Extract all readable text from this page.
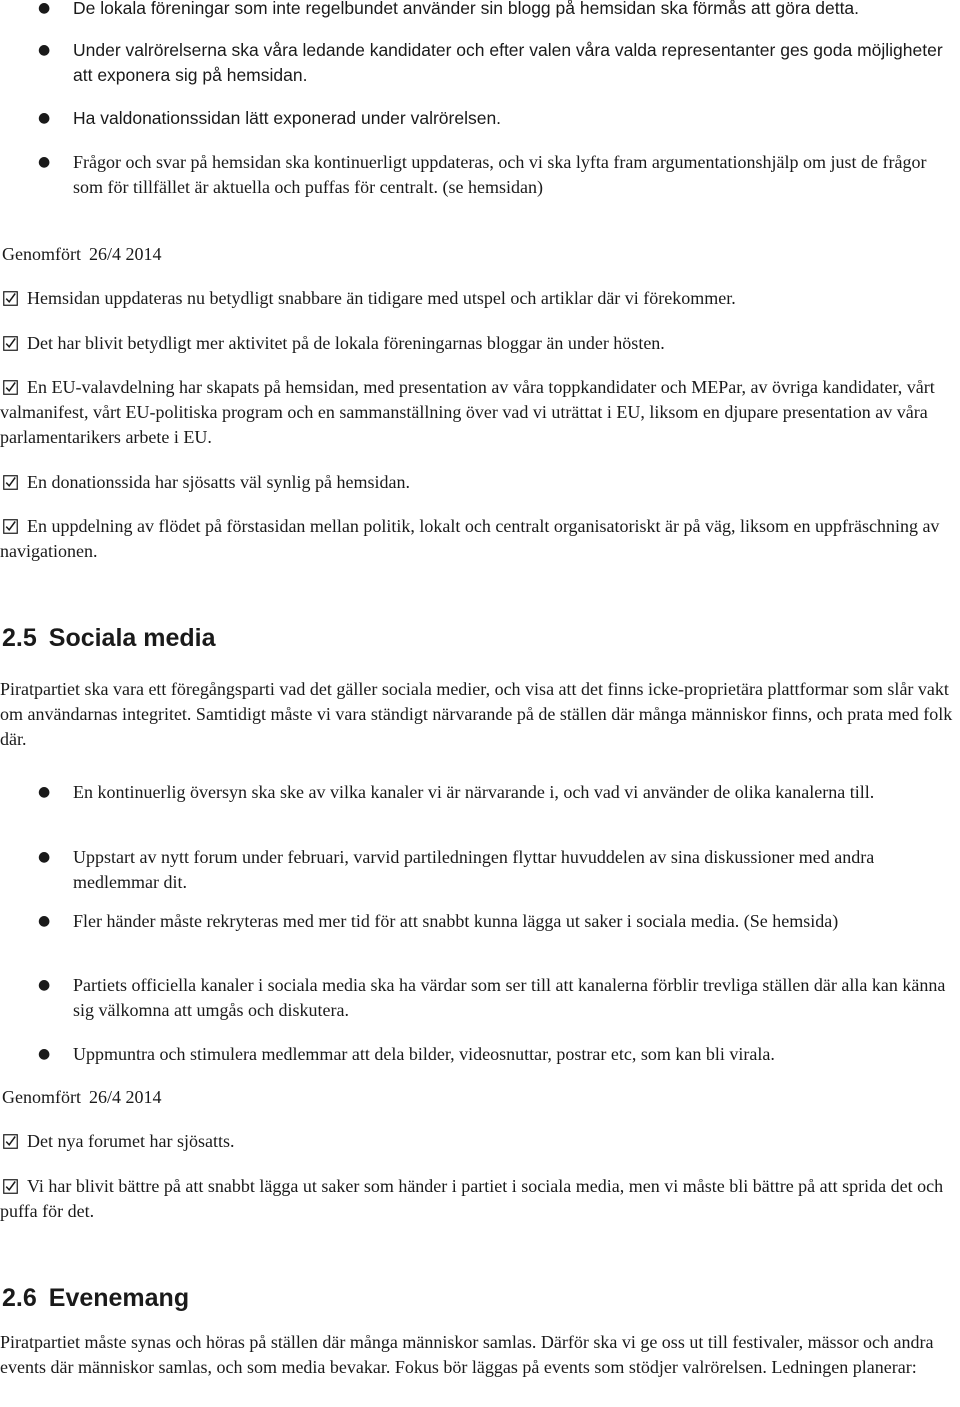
● De lokala föreningar som inte regelbundet använder sin blogg på hemsidan ska förmås att göra detta.
● Under valrörelserna ska våra ledande kandidater och efter valen våra valda representanter ges goda möjligheter att exponera sig på hemsidan.
● Ha valdonationssidan lätt exponerad under valrörelsen.
● Frågor och svar på hemsidan ska kontinuerligt uppdateras, och vi ska lyfta fram argumentationshjälp om just de frågor som för tillfället är aktuella och puffas för centralt. (se hemsidan)
Genomfört 26/4 2014
Hemsidan uppdateras nu betydligt snabbare än tidigare med utspel och artiklar där vi förekommer.
Det har blivit betydligt mer aktivitet på de lokala föreningarnas bloggar än under hösten.
En EU-valavdelning har skapats på hemsidan, med presentation av våra toppkandidater och MEPar, av övriga kandidater, vårt valmanifest, vårt EU-politiska program och en sammanställning över vad vi uträttat i EU, liksom en djupare presentation av våra parlamentarikers arbete i EU.
En donationssida har sjösatts väl synlig på hemsidan.
En uppdelning av flödet på förstasidan mellan politik, lokalt och centralt organisatoriskt är på väg, liksom en uppfräschning av navigationen.
2.5 Sociala media
Piratpartiet ska vara ett föregångsparti vad det gäller sociala medier, och visa att det finns icke-proprietära plattformar som slår vakt om användarnas integritet. Samtidigt måste vi vara ständigt närvarande på de ställen där många människor finns, och prata med folk där.
● En kontinuerlig översyn ska ske av vilka kanaler vi är närvarande i, och vad vi använder de olika kanalerna till.
● Uppstart av nytt forum under februari, varvid partiledningen flyttar huvuddelen av sina diskussioner med andra medlemmar dit.
● Fler händer måste rekryteras med mer tid för att snabbt kunna lägga ut saker i sociala media. (Se hemsida)
● Partiets officiella kanaler i sociala media ska ha värdar som ser till att kanalerna förblir trevliga ställen där alla kan känna sig välkomna att umgås och diskutera.
● Uppmuntra och stimulera medlemmar att dela bilder, videosnuttar, postrar etc, som kan bli virala.
Genomfört 26/4 2014
Det nya forumet har sjösatts.
Vi har blivit bättre på att snabbt lägga ut saker som händer i partiet i sociala media, men vi måste bli bättre på att sprida det och puffa för det.
2.6 Evenemang
Piratpartiet måste synas och höras på ställen där många människor samlas. Därför ska vi ge oss ut till festivaler, mässor och andra events där människor samlas, och som media bevakar. Fokus bör läggas på events som stödjer valrörelsen. Ledningen planerar:
